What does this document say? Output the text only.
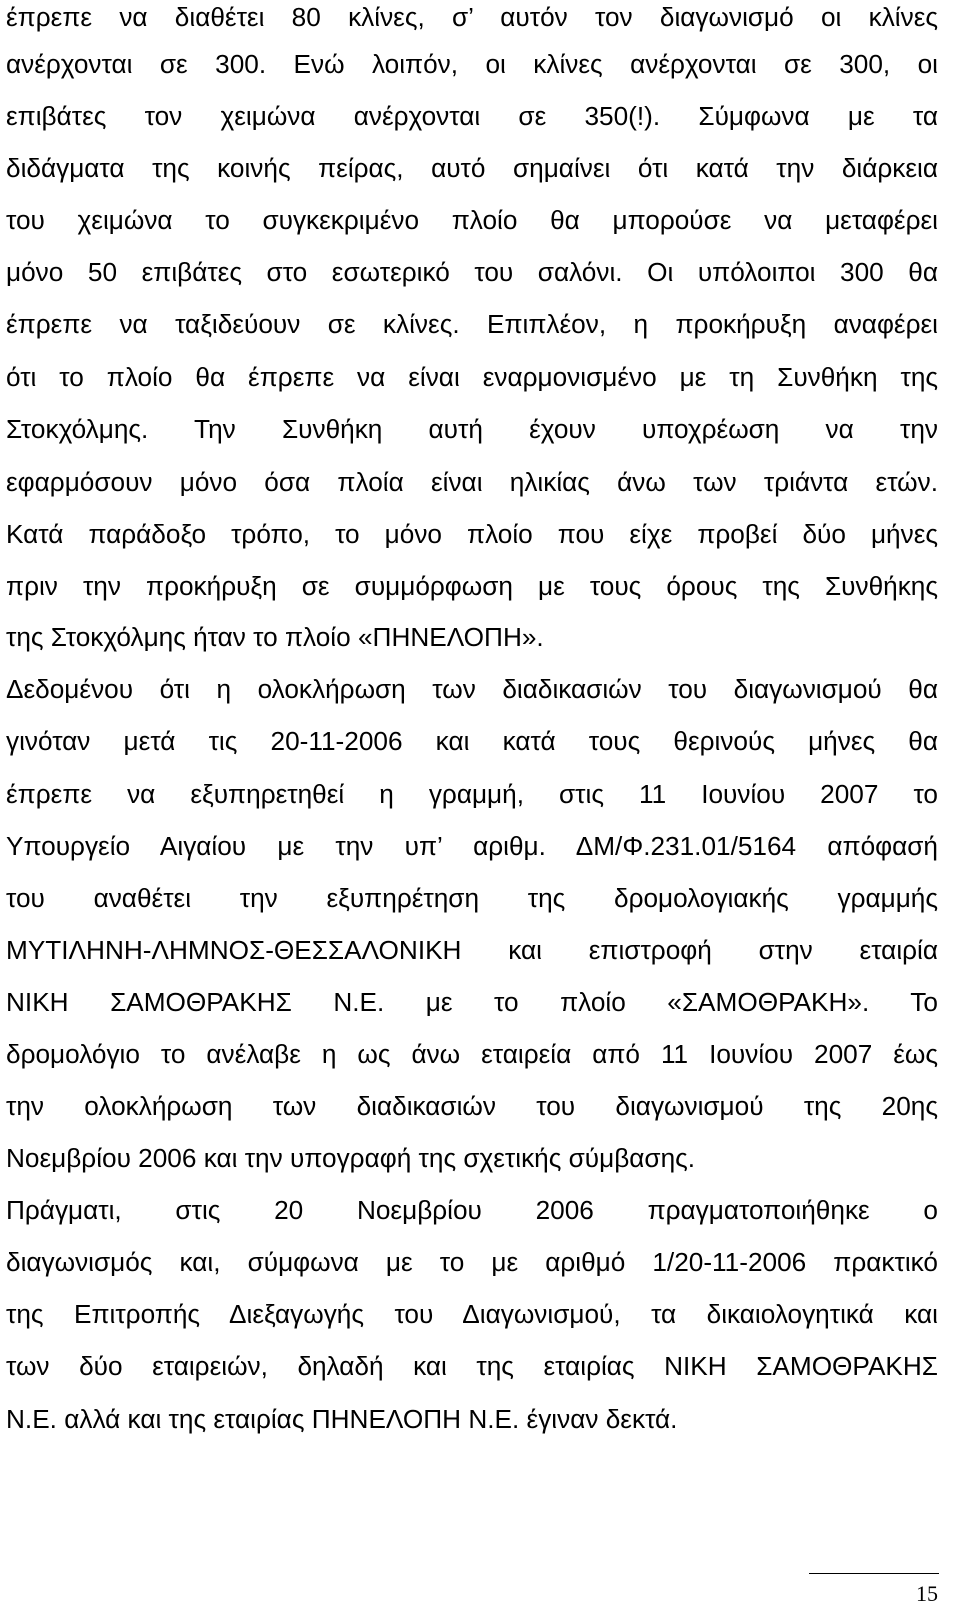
έπρεπε να διαθέτει 80 κλίνες, σ’ αυτόν τον διαγωνισμό οι κλίνες
ανέρχονται σε 300. Ενώ λοιπόν, οι κλίνες ανέρχονται σε 300, οι
επιβάτες τον χειμώνα ανέρχονται σε 350(!). Σύμφωνα με τα
διδάγματα της κοινής πείρας, αυτό σημαίνει ότι κατά την διάρκεια
του χειμώνα το συγκεκριμένο πλοίο θα μπορούσε να μεταφέρει
μόνο 50 επιβάτες στο εσωτερικό του σαλόνι. Οι υπόλοιποι 300 θα
έπρεπε να ταξιδεύουν σε κλίνες. Επιπλέον, η προκήρυξη αναφέρει
ότι το πλοίο θα έπρεπε να είναι εναρμονισμένο με τη Συνθήκη της
Στοκχόλμης. Την Συνθήκη αυτή έχουν υποχρέωση να την
εφαρμόσουν μόνο όσα πλοία είναι ηλικίας άνω των τριάντα ετών.
Κατά παράδοξο τρόπο, το μόνο πλοίο που είχε προβεί δύο μήνες
πριν την προκήρυξη σε συμμόρφωση με τους όρους της Συνθήκης
της Στοκχόλμης ήταν το πλοίο «ΠΗΝΕΛΟΠΗ».
Δεδομένου ότι η ολοκλήρωση των διαδικασιών του διαγωνισμού θα
γινόταν μετά τις 20-11-2006 και κατά τους θερινούς μήνες θα
έπρεπε να εξυπηρετηθεί η γραμμή, στις 11 Ιουνίου 2007 το
Υπουργείο Αιγαίου με την υπ’ αριθμ. ΔΜ/Φ.231.01/5164 απόφασή
του αναθέτει την εξυπηρέτηση της δρομολογιακής γραμμής
ΜΥΤΙΛΗΝΗ-ΛΗΜΝΟΣ-ΘΕΣΣΑΛΟΝΙΚΗ και επιστροφή στην εταιρία
ΝΙΚΗ ΣΑΜΟΘΡΑΚΗΣ Ν.Ε. με το πλοίο «ΣΑΜΟΘΡΑΚΗ». Το
δρομολόγιο το ανέλαβε η ως άνω εταιρεία από 11 Ιουνίου 2007 έως
την ολοκλήρωση των διαδικασιών του διαγωνισμού της 20ης
Νοεμβρίου 2006 και την υπογραφή της σχετικής σύμβασης.
Πράγματι, στις 20 Νοεμβρίου 2006 πραγματοποιήθηκε ο
διαγωνισμός και, σύμφωνα με το με αριθμό 1/20-11-2006 πρακτικό
της Επιτροπής Διεξαγωγής του Διαγωνισμού, τα δικαιολογητικά και
των δύο εταιρειών, δηλαδή και της εταιρίας ΝΙΚΗ ΣΑΜΟΘΡΑΚΗΣ
Ν.Ε. αλλά και της εταιρίας ΠΗΝΕΛΟΠΗ Ν.Ε. έγιναν δεκτά.
15
